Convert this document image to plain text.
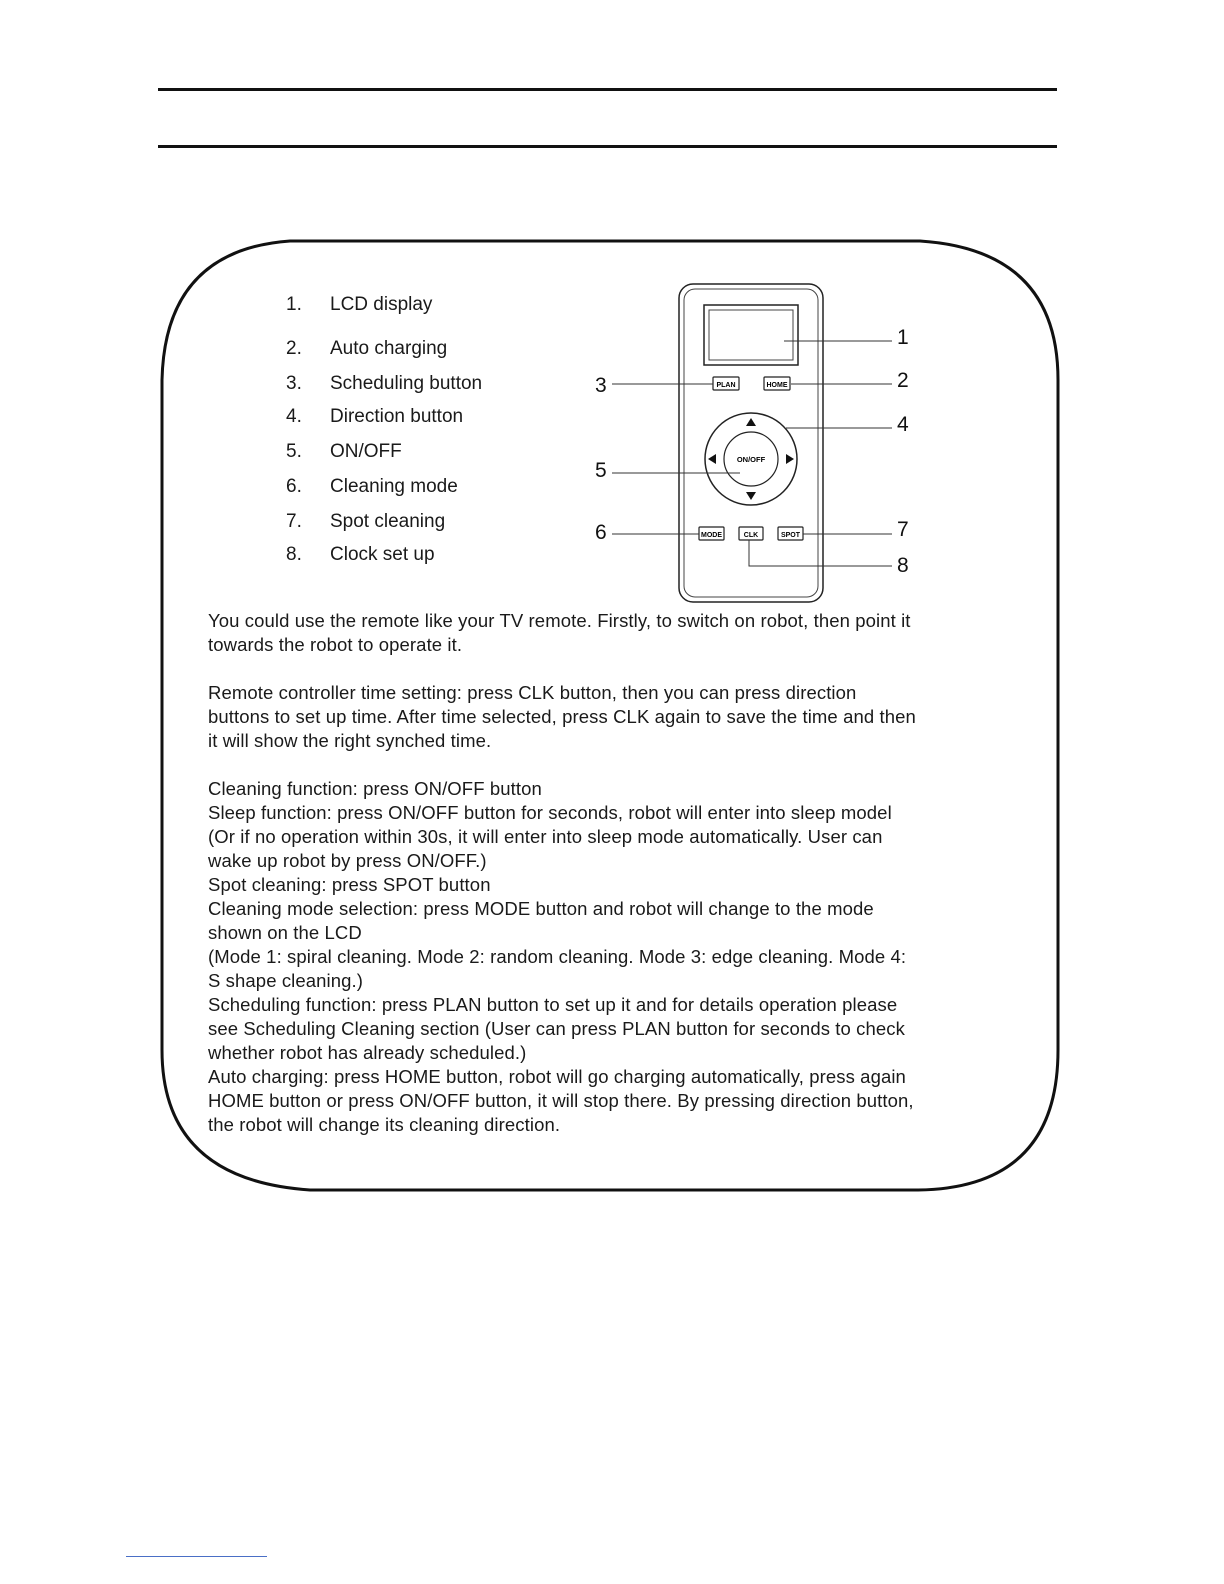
1. LCD display
2. Auto charging
3. Scheduling button
4. Direction button
5. ON/OFF
6. Cleaning mode
7. Spot cleaning
8. Clock set up
PLAN	HOME
ON/OFF
MODE	CLK	SPOT
1
2
3
4
5
6	7
8
You could use the remote like your TV remote. Firstly, to switch on robot, then point it
towards the robot to operate it.
Remote controller time setting: press CLK button, then you can press direction
buttons to set up time. After time selected, press CLK again to save the time and then
it will show the right synched time.
Cleaning function: press ON/OFF button
Sleep function: press ON/OFF button for seconds, robot will enter into sleep model
(Or if no operation within 30s, it will enter into sleep mode automatically. User can
wake up robot by press ON/OFF.)
Spot cleaning: press SPOT button
Cleaning mode selection: press MODE button and robot will change to the mode
shown on the LCD
(Mode 1: spiral cleaning. Mode 2: random cleaning. Mode 3: edge cleaning. Mode 4:
S shape cleaning.)
Scheduling function: press PLAN button to set up it and for details operation please
see Scheduling Cleaning section (User can press PLAN button for seconds to check
whether robot has already scheduled.)
Auto charging: press HOME button, robot will go charging automatically, press again
HOME button or press ON/OFF button, it will stop there. By pressing direction button,
the robot will change its cleaning direction.
